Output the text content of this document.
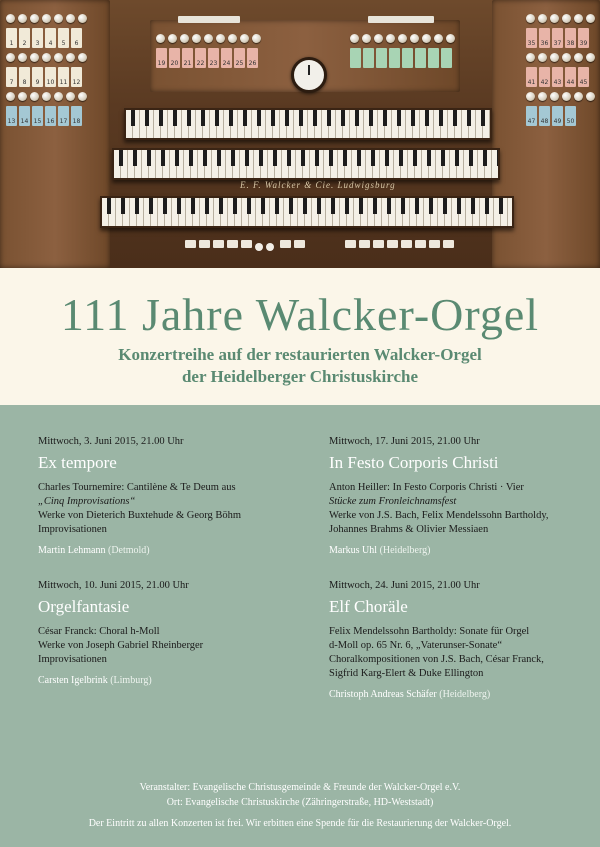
1	2	3	4	5	6
7	8	9	10 11 12
13 14 15 16 17 18
19 20 21 22 23 24 25 26
35 36 37 38 39
41 42 43 44 45
47 48 49 50
E. F. Walcker & Cie. Ludwigsburg
111 Jahre Walcker-Orgel
Konzertreihe auf der restaurierten Walcker-Orgel
der Heidelberger Christuskirche
Mittwoch, 3. Juni 2015, 21.00 Uhr
Ex tempore
Charles Tournemire: Cantilène & Te Deum aus
„Cinq Improvisations“
Werke von Dieterich Buxtehude & Georg Böhm
Improvisationen
Martin Lehmann (Detmold)
Mittwoch, 17. Juni 2015, 21.00 Uhr
In Festo Corporis Christi
Anton Heiller: In Festo Corporis Christi · Vier
Stücke zum Fronleichnamsfest
Werke von J.S. Bach, Felix Mendelssohn Bartholdy,
Johannes Brahms & Olivier Messiaen
Markus Uhl (Heidelberg)
Mittwoch, 10. Juni 2015, 21.00 Uhr
Orgelfantasie
César Franck: Choral h-Moll
Werke von Joseph Gabriel Rheinberger
Improvisationen
Carsten Igelbrink (Limburg)
Mittwoch, 24. Juni 2015, 21.00 Uhr
Elf Choräle
Felix Mendelssohn Bartholdy: Sonate für Orgel
d-Moll op. 65 Nr. 6, „Vaterunser-Sonate“
Choralkompositionen von J.S. Bach, César Franck,
Sigfrid Karg-Elert & Duke Ellington
Christoph Andreas Schäfer (Heidelberg)
Veranstalter: Evangelische Christusgemeinde & Freunde der Walcker-Orgel e.V.
Ort: Evangelische Christuskirche (Zähringerstraße, HD-Weststadt)
Der Eintritt zu allen Konzerten ist frei. Wir erbitten eine Spende für die Restaurierung der Walcker-Orgel.
